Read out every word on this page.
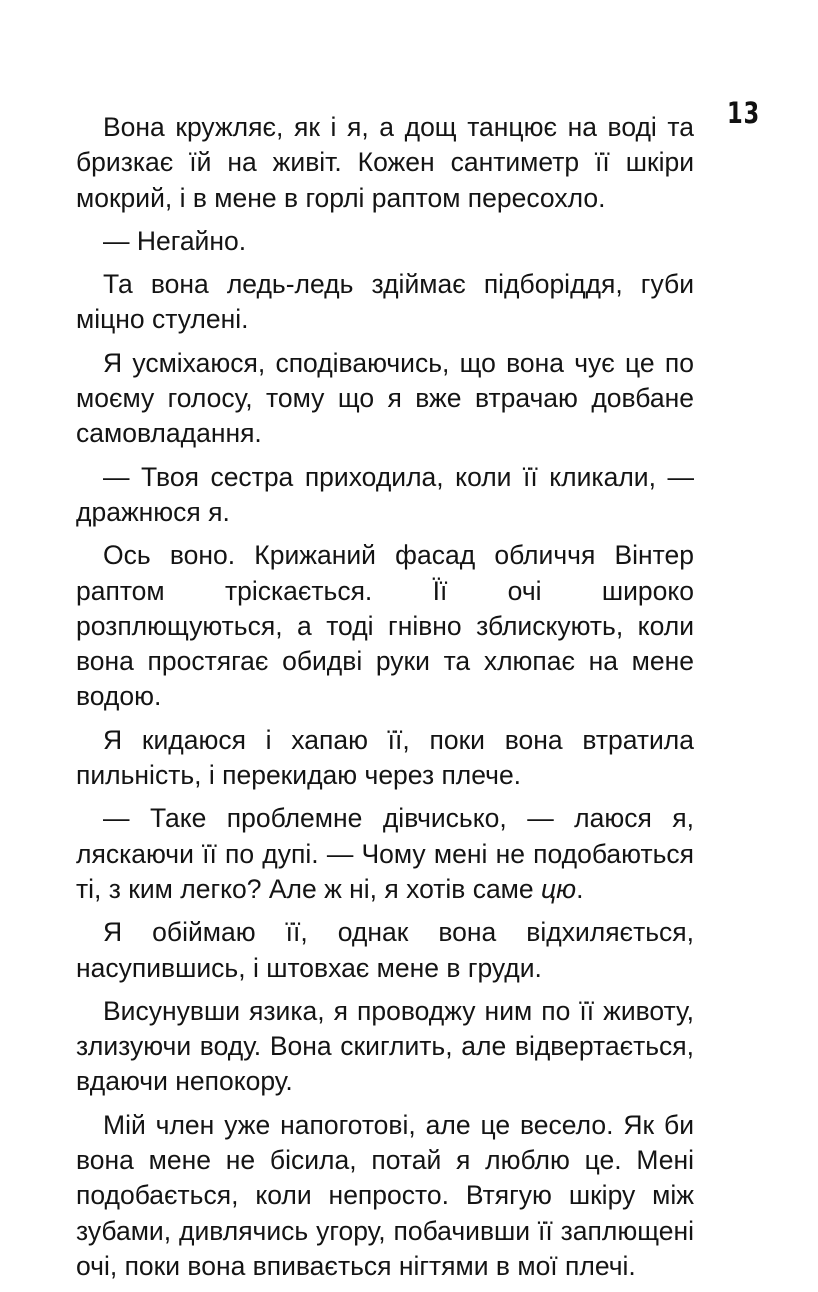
13

Вона кружляє, як і я, а дощ танцює на воді та бризкає їй на живіт. Кожен сантиметр її шкіри мокрий, і в мене в горлі раптом пересохло.

— Негайно.

Та вона ледь-ледь здіймає підборіддя, губи міцно стулені.

Я усміхаюся, сподіваючись, що вона чує це по моєму голосу, тому що я вже втрачаю довбане самовладання.

— Твоя сестра приходила, коли її кликали, — дражнюся я.

Ось воно. Крижаний фасад обличчя Вінтер раптом тріскається. Її очі широко розплющуються, а тоді гнівно зблискують, коли вона простягає обидві руки та хлюпає на мене водою.

Я кидаюся і хапаю її, поки вона втратила пильність, і перекидаю через плече.

— Таке проблемне дівчисько, — лаюся я, ляскаючи її по дупі. — Чому мені не подобаються ті, з ким легко? Але ж ні, я хотів саме цю.

Я обіймаю її, однак вона відхиляється, насупившись, і штовхає мене в груди.

Висунувши язика, я проводжу ним по її животу, злизуючи воду. Вона скиглить, але відвертається, вдаючи непокору.

Мій член уже напоготові, але це весело. Як би вона мене не бісила, потай я люблю це. Мені подобається, коли непросто. Втягую шкіру між зубами, дивлячись угору, побачивши її заплющені очі, поки вона впивається нігтями в мої плечі.
